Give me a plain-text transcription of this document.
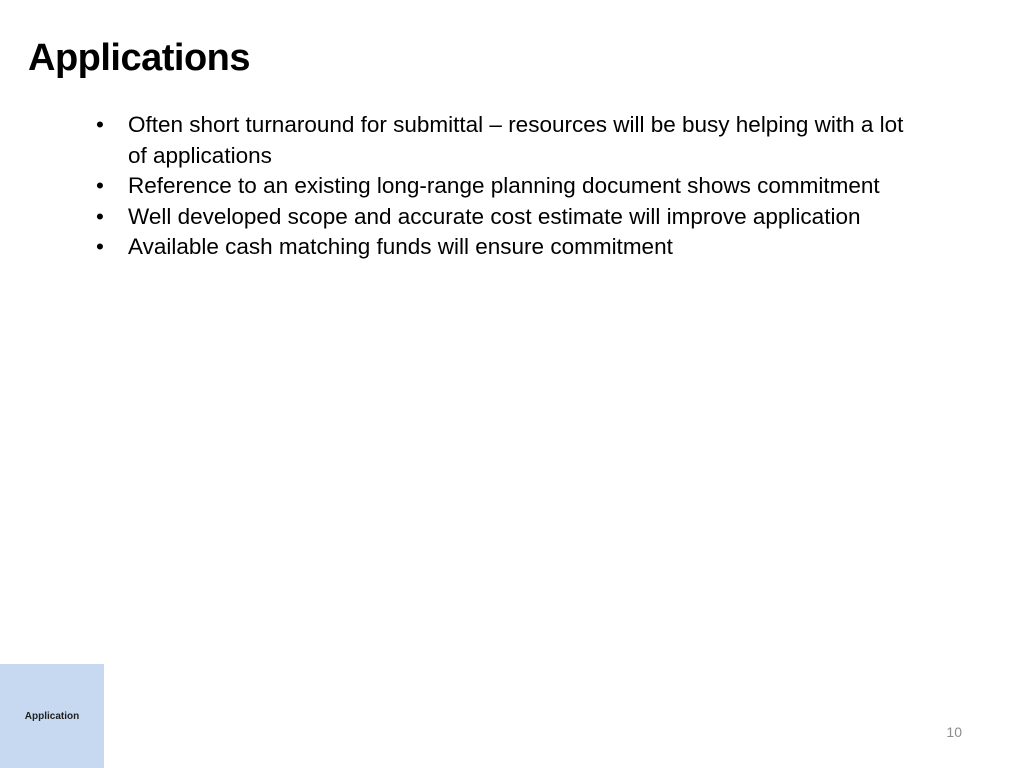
Applications
•	Often short turnaround for submittal – resources will be busy helping with a lot of applications
•	Reference to an existing long-range planning document shows commitment
•	Well developed scope and accurate cost estimate will improve application
•	Available cash matching funds will ensure commitment
Application
10
